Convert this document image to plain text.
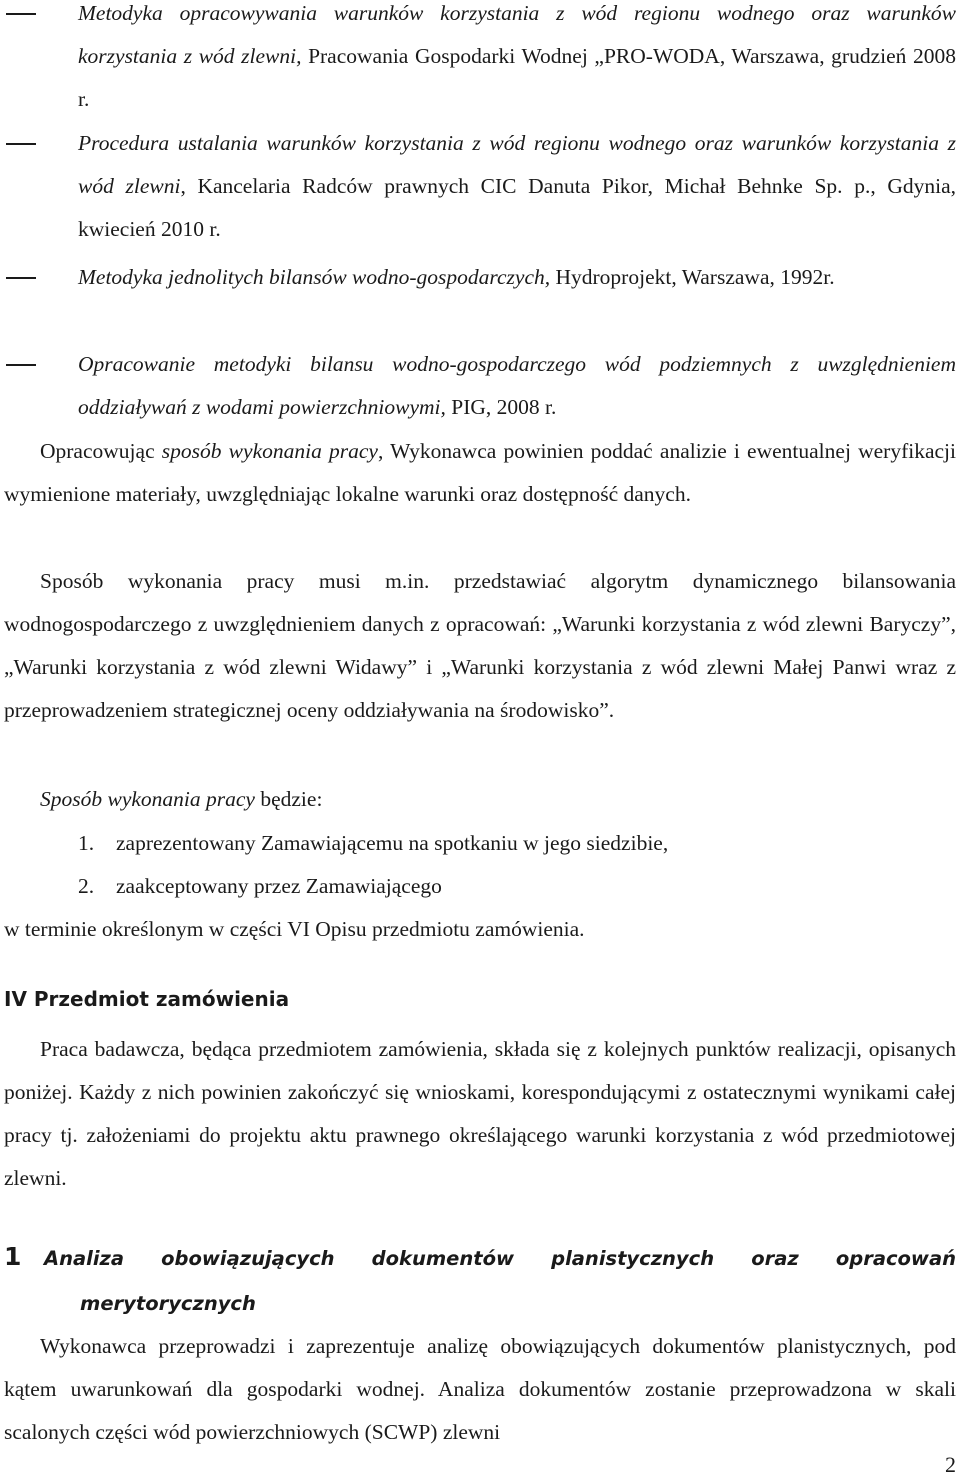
Metodyka opracowywania warunków korzystania z wód regionu wodnego oraz warunków korzystania z wód zlewni, Pracowania Gospodarki Wodnej „PRO-WODA, Warszawa, grudzień 2008 r.
Procedura ustalania warunków korzystania z wód regionu wodnego oraz warunków korzystania z wód zlewni, Kancelaria Radców prawnych CIC Danuta Pikor, Michał Behnke Sp. p., Gdynia, kwiecień 2010 r.
Metodyka jednolitych bilansów wodno-gospodarczych, Hydroprojekt, Warszawa, 1992r.
Opracowanie metodyki bilansu wodno-gospodarczego wód podziemnych z uwzględnieniem oddziaływań z wodami powierzchniowymi, PIG, 2008 r.
Opracowując sposób wykonania pracy, Wykonawca powinien poddać analizie i ewentualnej weryfikacji wymienione materiały, uwzględniając lokalne warunki oraz dostępność danych.
Sposób wykonania pracy musi m.in. przedstawiać algorytm dynamicznego bilansowania wodnogospodarczego z uwzględnieniem danych z opracowań: „Warunki korzystania z wód zlewni Baryczy”, „Warunki korzystania z wód zlewni Widawy” i „Warunki korzystania z wód zlewni Małej Panwi wraz z przeprowadzeniem strategicznej oceny oddziaływania na środowisko”.
Sposób wykonania pracy będzie:
1. zaprezentowany Zamawiającemu na spotkaniu w jego siedzibie,
2. zaakceptowany przez Zamawiającego
w terminie określonym w części VI Opisu przedmiotu zamówienia.
IV Przedmiot zamówienia
Praca badawcza, będąca przedmiotem zamówienia, składa się z kolejnych punktów realizacji, opisanych poniżej. Każdy z nich powinien zakończyć się wnioskami, korespondującymi z ostatecznymi wynikami całej pracy tj. założeniami do projektu aktu prawnego określającego warunki korzystania z wód przedmiotowej zlewni.
1 Analiza obowiązujących dokumentów planistycznych oraz opracowań
merytorycznych
Wykonawca przeprowadzi i zaprezentuje analizę obowiązujących dokumentów planistycznych, pod kątem uwarunkowań dla gospodarki wodnej. Analiza dokumentów zostanie przeprowadzona w skali scalonych części wód powierzchniowych (SCWP) zlewni
2
